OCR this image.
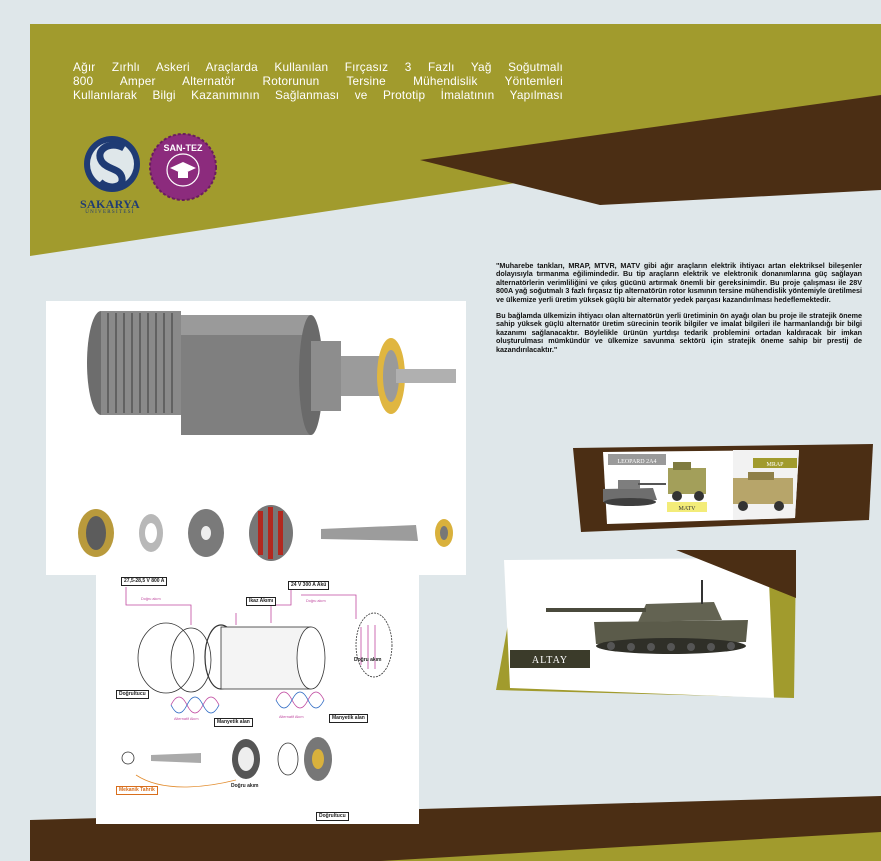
Ağır Zırhlı Askeri Araçlarda Kullanılan Fırçasız 3 Fazlı Yağ Soğutmalı
800 Amper Alternatör Rotorunun Tersine Mühendislik Yöntemleri
Kullanılarak Bilgi Kazanımının Sağlanması ve Prototip İmalatının Yapılması
SAKARYA
ÜNİVERSİTESİ
SAN-TEZ

"Muharebe tankları, MRAP, MTVR, MATV gibi ağır araçların elektrik ihtiyacı artan elektriksel bileşenler dolayısıyla tırmanma eğilimindedir. Bu tip araçların elektrik ve elektronik donanımlarına güç sağlayan alternatörlerin verimliliğini ve çıkış gücünü artırmak önemli bir gereksinimdir. Bu proje çalışması ile 28V 800A yağ soğutmalı 3 fazlı fırçasız tip alternatörün rotor kısmının tersine mühendislik yöntemiyle üretilmesi ve ülkemize yerli üretim yüksek güçlü bir alternatör yedek parçası kazandırılması hedeflemektedir.

Bu bağlamda ülkemizin ihtiyacı olan alternatörün yerli üretiminin ön ayağı olan bu proje ile stratejik öneme sahip yüksek güçlü alternatör üretim sürecinin teorik bilgiler ve imalat bilgileri ile harmanlandığı bir bilgi kazanımı sağlanacaktır. Böylelikle ürünün yurtdışı tedarik problemini ortadan kaldıracak bir imkan oluşturulması mümkündür ve ülkemize savunma sektörü için stratejik öneme sahip bir prestij de kazandırılacaktır."

27,5-28,5 V 800 A
24 V 300 A Akü
İkaz Akımı
Doğru akım	Doğru akım
Doğru akım
Doğrultucu
Manyetik alan
Manyetik alan
Alternatif Akım	Alternatif Akım
Mekanik Tahrik
Doğru akım
Doğrultucu
LEOPARD 2A4
MATV
MRAP
ALTAY
